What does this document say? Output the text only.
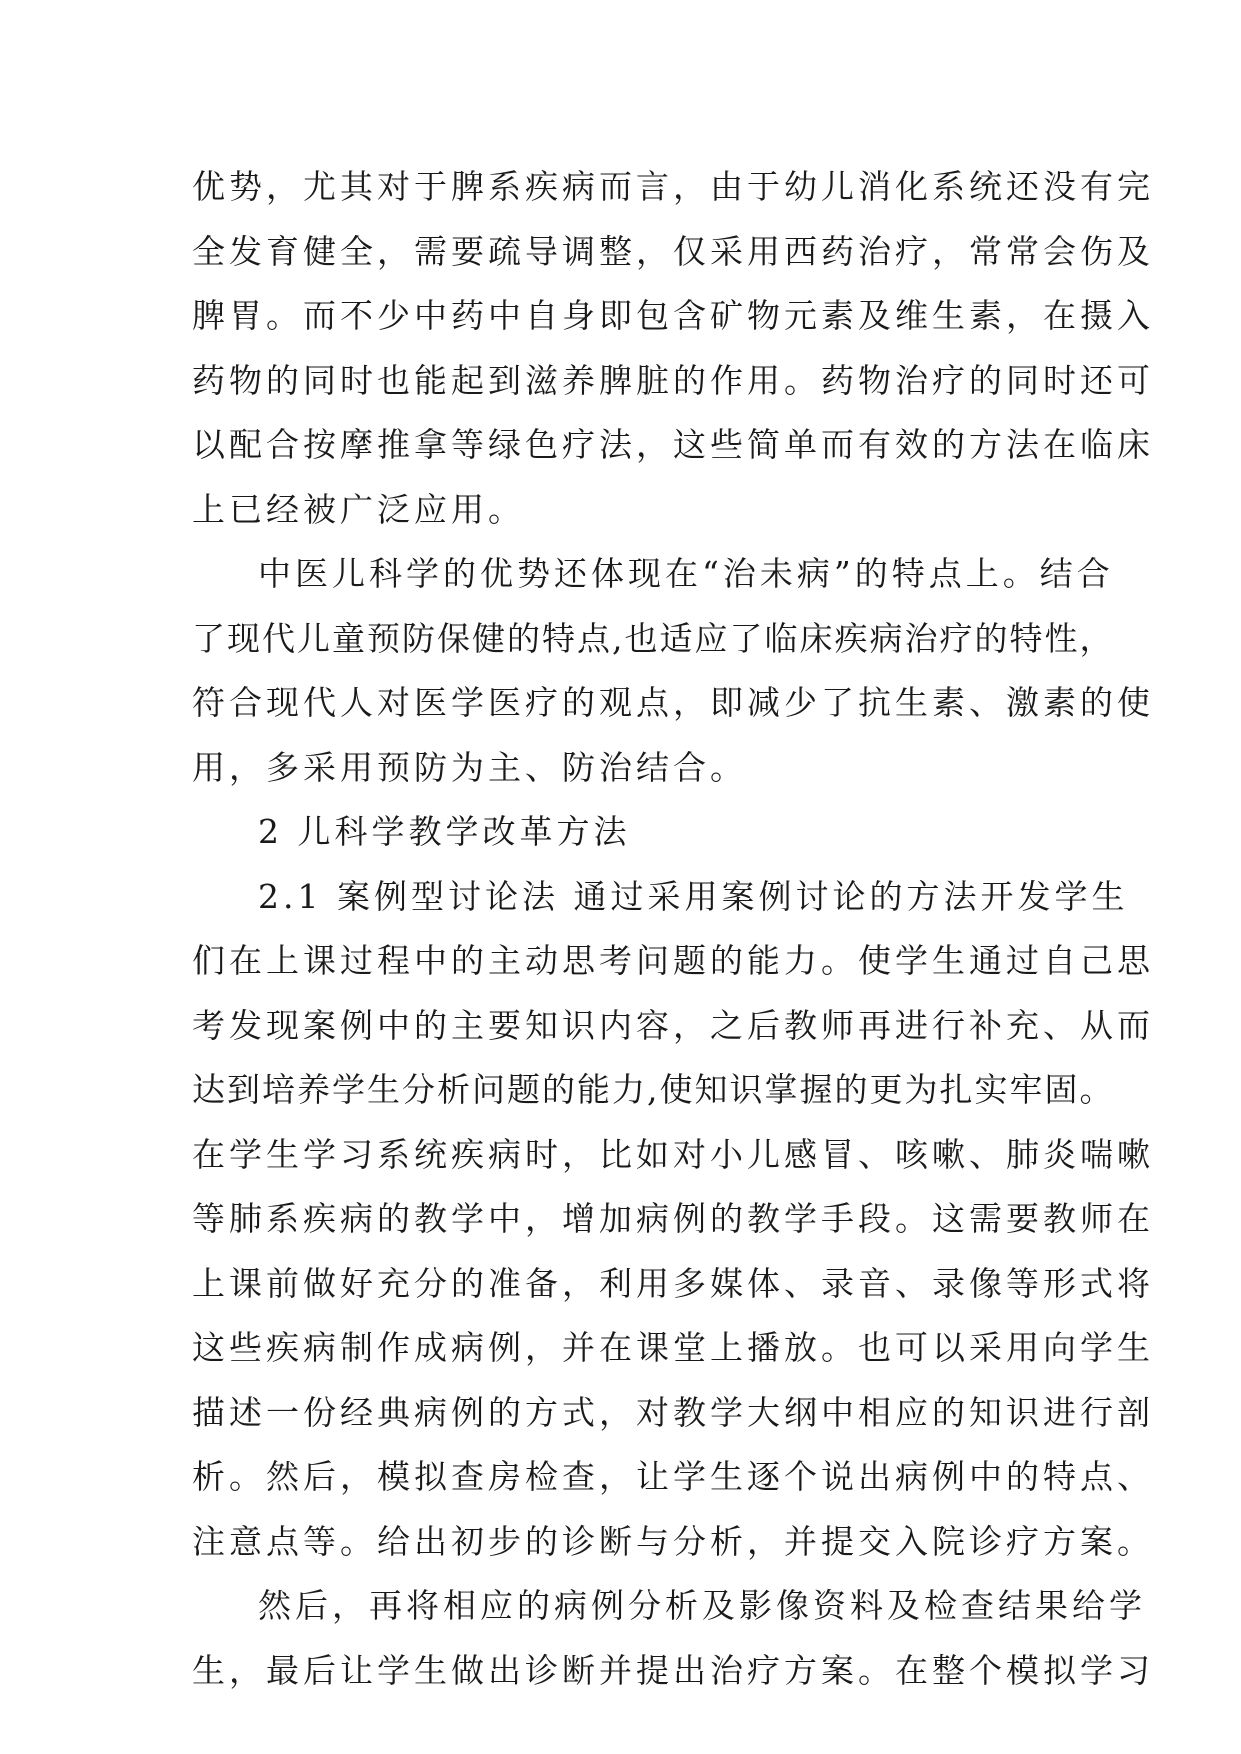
优势，尤其对于脾系疾病而言，由于幼儿消化系统还没有完
全发育健全，需要疏导调整，仅采用西药治疗，常常会伤及
脾胃。而不少中药中自身即包含矿物元素及维生素，在摄入
药物的同时也能起到滋养脾脏的作用。药物治疗的同时还可
以配合按摩推拿等绿色疗法，这些简单而有效的方法在临床
上已经被广泛应用。
中医儿科学的优势还体现在“治未病”的特点上。结合
了现代儿童预防保健的特点,也适应了临床疾病治疗的特性，
符合现代人对医学医疗的观点，即减少了抗生素、激素的使
用，多采用预防为主、防治结合。
2 儿科学教学改革方法
2.1 案例型讨论法 通过采用案例讨论的方法开发学生
们在上课过程中的主动思考问题的能力。使学生通过自己思
考发现案例中的主要知识内容，之后教师再进行补充、从而
达到培养学生分析问题的能力,使知识掌握的更为扎实牢固。
在学生学习系统疾病时，比如对小儿感冒、咳嗽、肺炎喘嗽
等肺系疾病的教学中，增加病例的教学手段。这需要教师在
上课前做好充分的准备，利用多媒体、录音、录像等形式将
这些疾病制作成病例，并在课堂上播放。也可以采用向学生
描述一份经典病例的方式，对教学大纲中相应的知识进行剖
析。然后，模拟查房检查，让学生逐个说出病例中的特点、
注意点等。给出初步的诊断与分析，并提交入院诊疗方案。
然后，再将相应的病例分析及影像资料及检查结果给学
生，最后让学生做出诊断并提出治疗方案。在整个模拟学习
